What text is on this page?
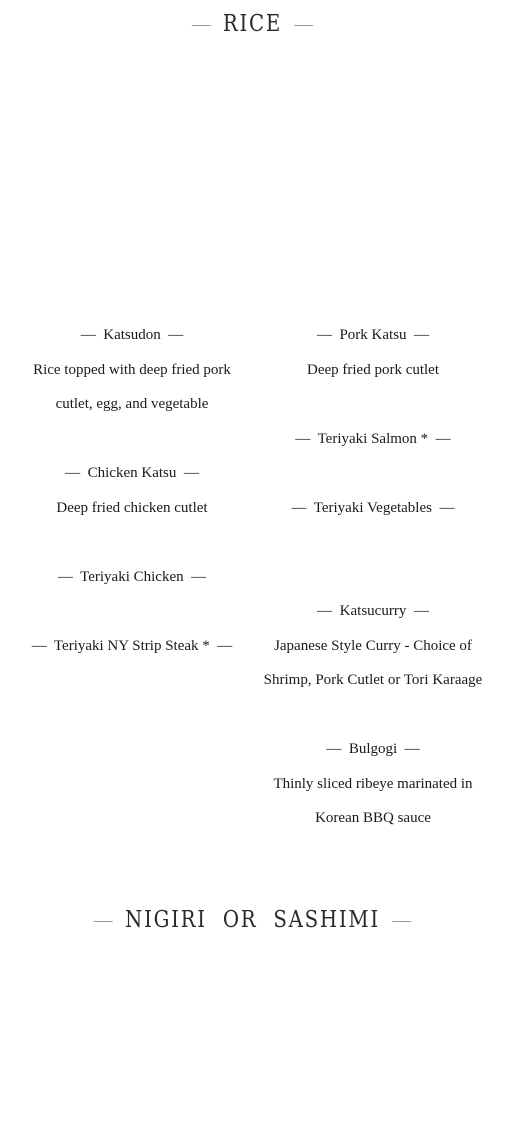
RICE

— Katsudon —

Rice topped with deep fried pork cutlet, egg, and vegetable

— Chicken Katsu —

Deep fried chicken cutlet

— Teriyaki Chicken —

— Teriyaki NY Strip Steak * —

— Pork Katsu —

Deep fried pork cutlet

— Teriyaki Salmon * —

— Teriyaki Vegetables —

— Katsucurry —

Japanese Style Curry - Choice of Shrimp, Pork Cutlet or Tori Karaage

— Bulgogi —

Thinly sliced ribeye marinated in Korean BBQ sauce

NIGIRI  OR  SASHIMI
